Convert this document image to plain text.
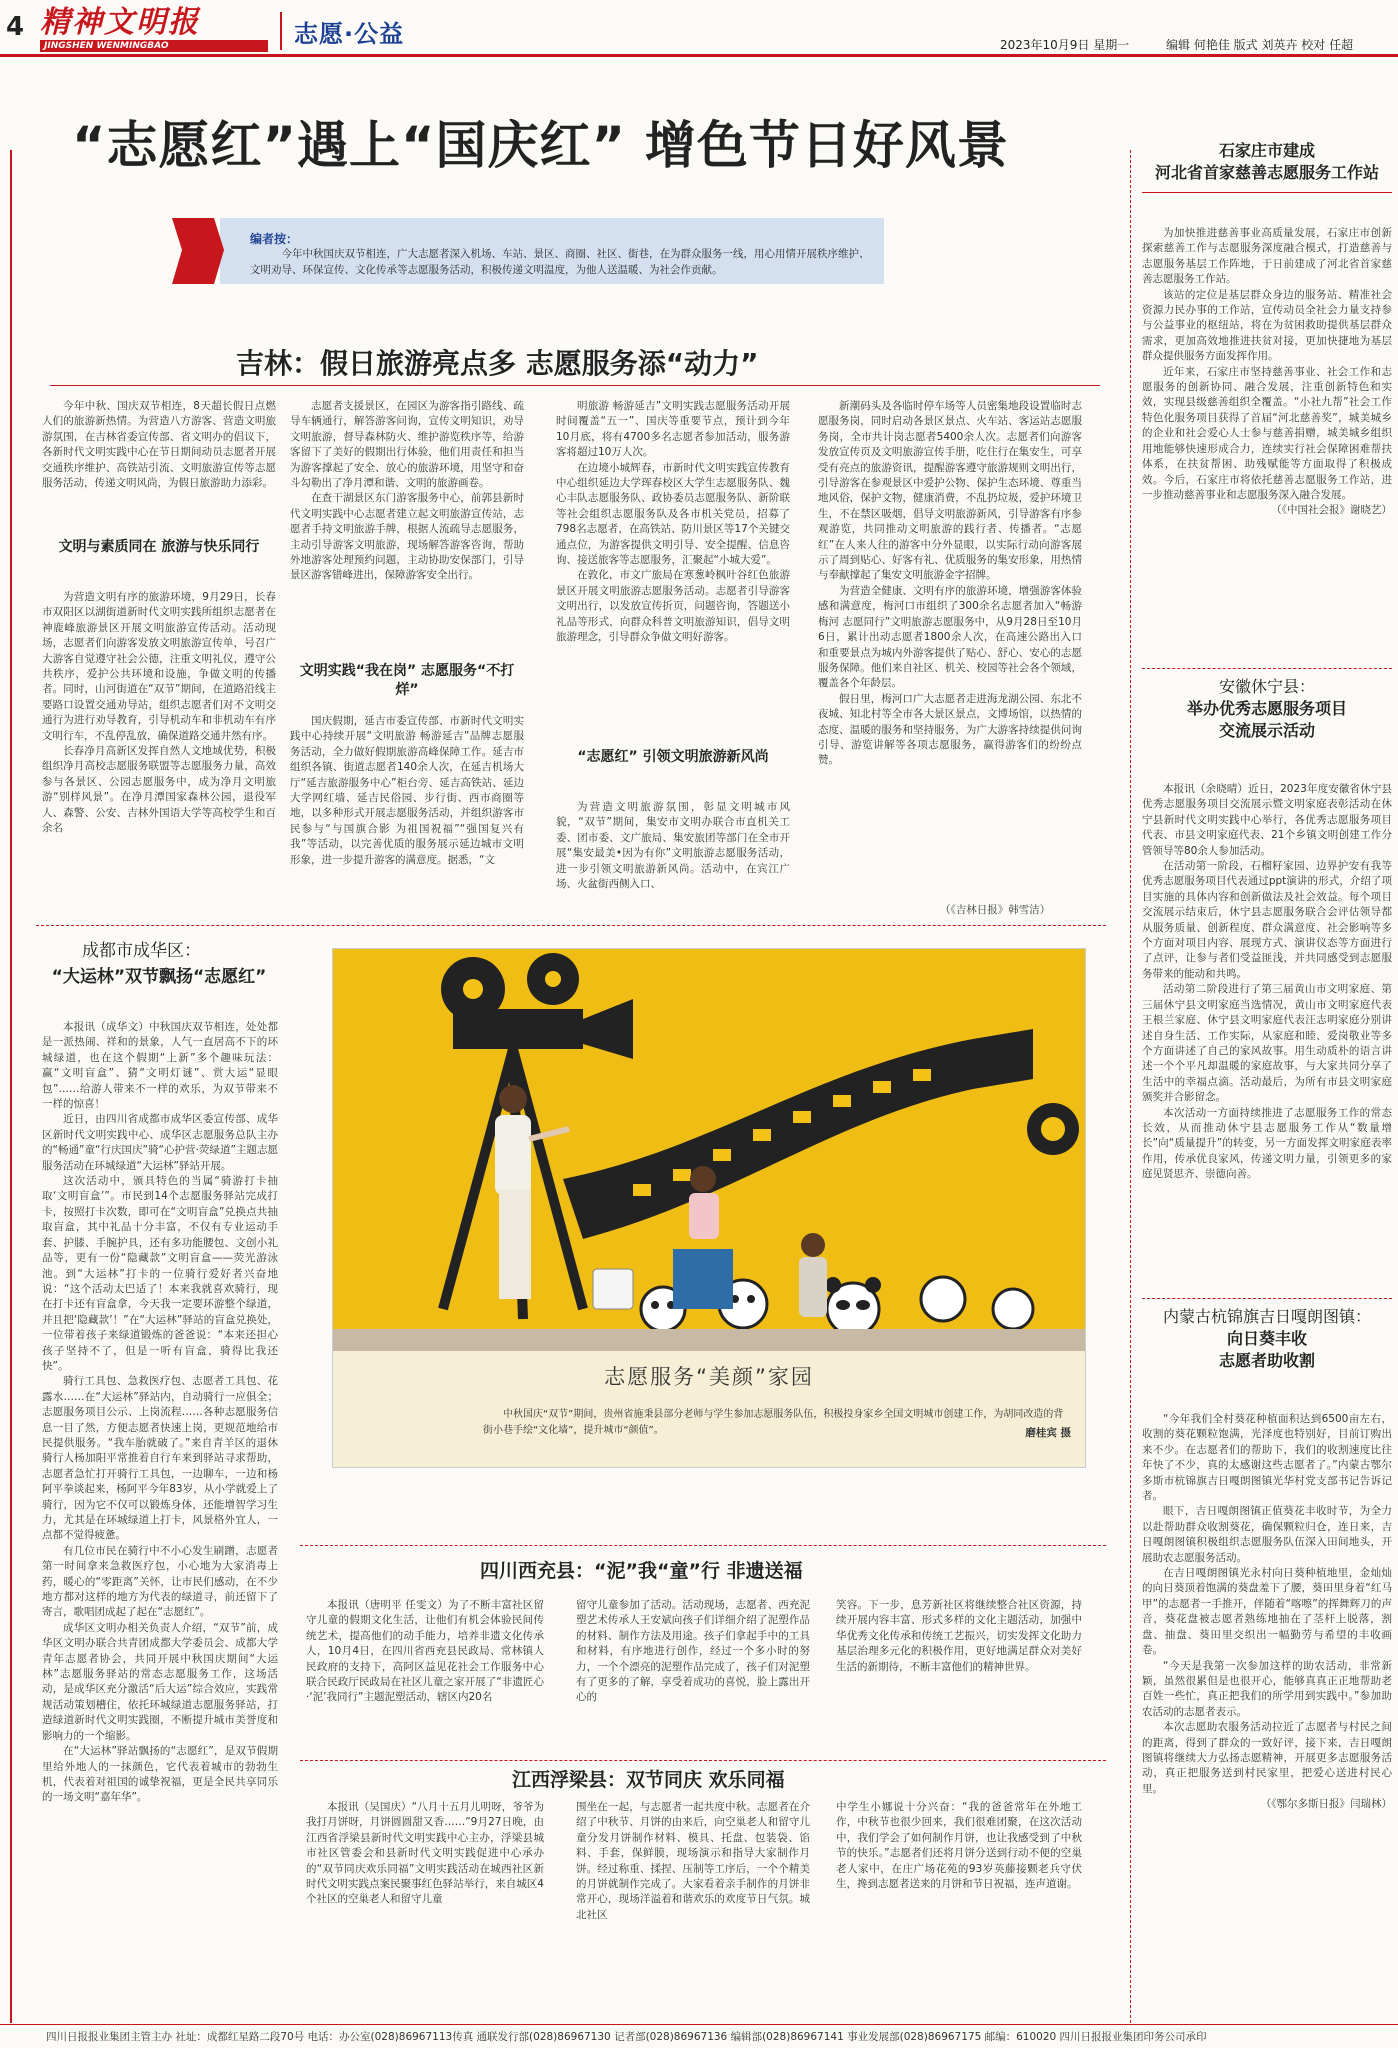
4 精神文明报
JINGSHEN WENMINGBAO	志愿·公益	2023年10月9日 星期一	编辑 何艳佳 版式 刘英卉 校对 任超
“志愿红”遇上“国庆红” 增色节日好风景
编者按：
今年中秋国庆双节相连，广大志愿者深入机场、车站、景区、商圈、社区、街巷，在为群众服务一线，用心用情开展秩序维护、文明劝导、环保宣传、文化传承等志愿服务活动，积极传递文明温度，为他人送温暖、为社会作贡献。
吉林：假日旅游亮点多 志愿服务添“动力”

今年中秋、国庆双节相连，8天超长假日点燃人们的旅游新热情。为营造八方游客、营造文明旅游氛围，在吉林省委宣传部、省文明办的倡议下，各新时代文明实践中心在节日期间动员志愿者开展交通秩序维护、高铁站引流、文明旅游宣传等志愿服务活动，传递文明风尚，为假日旅游助力添彩。

文明与素质同在 旅游与快乐同行

为营造文明有序的旅游环境，9月29日，长春市双阳区以湖街道新时代文明实践所组织志愿者在神鹿峰旅游景区开展文明旅游宣传活动。活动现场，志愿者们向游客发放文明旅游宣传单，号召广大游客自觉遵守社会公德，注重文明礼仪，遵守公共秩序，爱护公共环境和设施，争做文明的传播者。同时，山河街道在“双节”期间，在道路沿线主要路口设置交通劝导站，组织志愿者们对不文明交通行为进行劝导教育，引导机动车和非机动车有序文明行车，不乱停乱放，确保道路交通井然有序。

长春净月高新区发挥自然人文地域优势，积极组织净月高校志愿服务联盟等志愿服务力量，高效参与各景区、公园志愿服务中，成为净月文明旅游“别样风景”。在净月潭国家森林公园，退役军人、森警、公安、吉林外国语大学等高校学生和百余名

志愿者支援景区，在园区为游客指引路线、疏导车辆通行，解答游客问询，宣传文明知识，劝导文明旅游，督导森林防火、维护游览秩序等，给游客留下了美好的假期出行体验，他们用责任和担当为游客撑起了安全、放心的旅游环境，用坚守和奋斗勾勒出了净月潭和谐、文明的旅游画卷。

在查干湖景区东门游客服务中心，前郭县新时代文明实践中心志愿者建立起文明旅游宣传站，志愿者手持文明旅游手牌，根据人流疏导志愿服务，主动引导游客文明旅游，现场解答游客咨询，帮助外地游客处理预约问题，主动协助安保部门，引导景区游客错峰进出，保障游客安全出行。

文明实践“我在岗” 志愿服务“不打烊”

国庆假期，延吉市委宣传部、市新时代文明实践中心持续开展“文明旅游 畅游延吉”品牌志愿服务活动，全力做好假期旅游高峰保障工作。延吉市组织各镇、街道志愿者140余人次，在延吉机场大厅“延吉旅游服务中心”柜台旁、延吉高铁站、延边大学网红墙、延吉民俗园、步行街、西市商圈等地，以多种形式开展志愿服务活动，并组织游客市民参与“与国旗合影 为祖国祝福”“强国复兴有我”等活动，以完善优质的服务展示延边城市文明形象，进一步提升游客的满意度。据悉，“文

明旅游 畅游延吉”文明实践志愿服务活动开展时间覆盖“五一”、国庆等重要节点，预计到今年10月底，将有4700多名志愿者参加活动，服务游客将超过10万人次。

在边境小城辉春，市新时代文明实践宣传教育中心组织延边大学珲春校区大学生志愿服务队、魏心丰队志愿服务队、政协委员志愿服务队、新阶联等社会组织志愿服务队及各市机关党员，招募了798名志愿者，在高铁站、防川景区等17个关键交通点位，为游客提供文明引导、安全提醒、信息咨询、接送旅客等志愿服务，汇聚起“小城大爱”。

在敦化，市文广旅局在寒葱岭枫叶谷红色旅游景区开展文明旅游志愿服务活动。志愿者引导游客文明出行，以发放宣传折页，问题咨询，答题送小礼品等形式，向群众科普文明旅游知识，倡导文明旅游理念，引导群众争做文明好游客。

“志愿红” 引领文明旅游新风尚

为营造文明旅游氛围，彰显文明城市风貌，“双节”期间，集安市文明办联合市直机关工委、团市委、文广旅局、集安旅团等部门在全市开展“集安最美•因为有你”文明旅游志愿服务活动，进一步引领文明旅游新风尚。活动中，在宾江广场、火盆街西侧入口、

新潮码头及各临时停车场等人员密集地段设置临时志愿服务岗，同时启动各景区景点、火车站、客运站志愿服务岗，全市共计岗志愿者5400余人次。志愿者们向游客发放宣传页及文明旅游宣传手册，吃住行在集安生，可享受有亮点的旅游资讯，提醒游客遵守旅游规则文明出行，引导游客在参观景区中爱护公物、保护生态环境、尊重当地风俗，保护文物，健康消费，不乱扔垃圾，爱护环境卫生，不在禁区吸烟，倡导文明旅游新风，引导游客有序参观游览，共同推动文明旅游的践行者、传播者。“志愿红”在人来人往的游客中分外显眼，以实际行动向游客展示了周到贴心、好客有礼、优质服务的集安形象，用热情与奉献撑起了集安文明旅游金字招牌。

为营造全健康、文明有序的旅游环境，增强游客体验感和满意度，梅河口市组织了300余名志愿者加入“畅游梅河 志愿同行”文明旅游志愿服务中，从9月28日至10月6日，累计出动志愿者1800余人次，在高速公路出入口和重要景点为城内外游客提供了贴心、舒心、安心的志愿服务保障。他们来自社区、机关、校园等社会各个领域，覆盖各个年龄层。

假日里，梅河口广大志愿者走进海龙湖公园、东北不夜城、知北村等全市各大景区景点，文博场馆，以热情的态度、温暖的服务和坚持服务，为广大游客持续提供问询引导、游览讲解等各项志愿服务，赢得游客们的纷纷点赞。

（《吉林日报》韩雪洁）
成都市成华区：
“大运林”双节飘扬“志愿红”

本报讯（成华文）中秋国庆双节相连，处处都是一派热闹、祥和的景象，人气一直居高不下的环城绿道，也在这个假期“上新”多个趣味玩法：赢“文明盲盒”、猜“文明灯谜”、赏大运“显眼包”……给游人带来不一样的欢乐，为双节带来不一样的惊喜！

近日，由四川省成都市成华区委宣传部、成华区新时代文明实践中心、成华区志愿服务总队主办的“畅通”童“行庆国庆”骑“心护营·荧绿道”主题志愿服务活动在环城绿道“大运林”驿站开展。

这次活动中，颁具特色的当属“骑游打卡抽取‘文明盲盒’”。市民到14个志愿服务驿站完成打卡，按照打卡次数，即可在“文明盲盒”兑换点共抽取盲盒，其中礼品十分丰富，不仅有专业运动手套、护膝、手腕护具，还有多功能腰包、文创小礼品等，更有一份“隐藏款”文明盲盒——荧光游泳池。到“大运林”打卡的一位骑行爱好者兴奋地说：“这个活动太巴适了！本来我就喜欢骑行，现在打卡还有盲盒拿，今天我一定要环游整个绿道，并且把‘隐藏款’！”在“大运林”驿站的盲盒兑换处，一位带着孩子来绿道锻炼的爸爸说：“本来还担心孩子坚持不了，但是一听有盲盒，骑得比我还快”。

骑行工具包、急救医疗包、志愿者工具包、花露水……在“大运林”驿站内，自动骑行一应俱全；志愿服务项目公示、上岗流程……各种志愿服务信息一目了然，方便志愿者快速上岗，更规范地给市民提供服务。“我车胎就破了。”来自青羊区的退休骑行人杨加阳平常推着自行车来到驿站寻求帮助，志愿者急忙打开骑行工具包，一边聊车，一边和杨阿平拳谈起来，杨阿平今年83岁，从小学就爱上了骑行，因为它不仅可以锻炼身体，还能增智学习生力，尤其是在环城绿道上打卡，风景格外宜人，一点都不觉得疲惫。

有几位市民在骑行中不小心发生刷蹭，志愿者第一时间拿来急救医疗包，小心地为大家消毒上药，暖心的“零距离”关怀，让市民们感动，在不少地方都对这样的地方为代表的绿道寻，前还留下了寄言，歌唱团成起了起在“志愿红”。

成华区文明办相关负责人介绍，“双节”前，成华区文明办联合共青团成都大学委员会、成都大学青年志愿者协会，共同开展中秋国庆期间“大运林”志愿服务驿站的常态志愿服务工作，这场活动，是成华区充分激活“后大运”综合效应，实践常规活动策划槽住，依托环城绿道志愿服务驿站，打造绿道新时代文明实践圈，不断提升城市美誉度和影响力的一个缩影。

在“大运林”驿站飘扬的“志愿红”，是双节假期里给外地人的一抹颜色，它代表着城市的勃勃生机，代表着对祖国的诚挚祝福，更是全民共享同乐的一场文明“嘉年华”。

志愿服务“美颜”家园
中秋国庆“双节”期间，贵州省施秉县部分老师与学生参加志愿服务队伍，积极投身家乡全国文明城市创建工作，为胡同改造的背街小巷手绘“文化墙”，提升城市“颜值”。	磨桂宾 摄
四川西充县：“泥”我“童”行 非遗送福

本报讯（唐明平 任雯文）为了不断丰富社区留守儿童的假期文化生活，让他们有机会体验民间传统艺术，提高他们的动手能力，培养非遗文化传承人，10月4日，在四川省西充县民政局、常林镇人民政府的支持下，高阿区益见花社会工作服务中心联合民政厅民政局在社区儿童之家开展了“非遗匠心·‘泥’我同行”主题泥塑活动，辖区内20名

留守儿童参加了活动。活动现场，志愿者、西充泥塑艺术传承人王安斌向孩子们详细介绍了泥塑作品的材料、制作方法及用途。孩子们拿起手中的工具和材料，有序地进行创作，经过一个多小时的努力，一个个漂亮的泥塑作品完成了，孩子们对泥塑有了更多的了解，享受着成功的喜悦，脸上露出开心的

笑容。下一步，息芳新社区将继续整合社区资源，持续开展内容丰富、形式多样的文化主题活动，加强中华优秀文化传承和传统工艺振兴，切实发挥文化助力基层治理多元化的积极作用，更好地满足群众对美好生活的新期待，不断丰富他们的精神世界。

江西浮梁县：双节同庆 欢乐同福

本报讯（吴国庆）“八月十五月儿明呀，爷爷为我打月饼呀，月饼圆圆甜又香……”9月27日晚，由江西省浮梁县新时代文明实践中心主办，浮梁县城市社区管委会和县新时代文明实践促进中心承办的“双节同庆欢乐同福”文明实践活动在城西社区新时代文明实践点案民聚事红色驿站举行，来自城区4个社区的空巢老人和留守儿童

围坐在一起，与志愿者一起共度中秋。志愿者在介绍了中秋节、月饼的由来后，向空巢老人和留守儿童分发月饼制作材料、模具、托盘、包装袋、馅料、手套，保鲜膜，现场演示和指导大家制作月饼。经过称重、揉捏、压制等工序后，一个个精美的月饼就制作完成了。大家看着亲手制作的月饼非常开心，现场洋溢着和谐欢乐的欢度节日气氛。城北社区

中学生小娜说十分兴奋：“我的爸爸常年在外地工作，中秋节也很少回来，我们很难团聚，在这次活动中，我们学会了如何制作月饼，也让我感受到了中秋节的快乐。”志愿者们还将月饼分送到行动不便的空巢老人家中，在庄广场花苑的93岁英藤接颗老兵守伏生，搀到志愿者送来的月饼和节日祝福，连声道谢。

石家庄市建成
河北省首家慈善志愿服务工作站

为加快推进慈善事业高质量发展，石家庄市创新探索慈善工作与志愿服务深度融合模式，打造慈善与志愿服务基层工作阵地，于日前建成了河北省首家慈善志愿服务工作站。

该站的定位是基层群众身边的服务站、精准社会资源力民办事的工作站，宣传动员全社会力量支持参与公益事业的枢纽站，将在为贫困救助提供基层群众需求，更加高效地推进扶贫对接，更加快捷地为基层群众提供服务方面发挥作用。

近年来，石家庄市坚持慈善事业、社会工作和志愿服务的创新协同、融合发展，注重创新特色和实效，实现县级慈善组织全覆盖。“小社九帮”社会工作特色化服务项目获得了首届“河北慈善奖”，城美城乡的企业和社会爱心人士参与慈善捐赠，城美城乡组织用地能够快速形成合力，连续实行社会保障困难帮扶体系，在扶贫帮困、助残赋能等方面取得了积极成效。今后，石家庄市将依托慈善志愿服务工作站，进一步推动慈善事业和志愿服务深入融合发展。

（《中国社会报》谢晓艺）

安徽休宁县：
举办优秀志愿服务项目
交流展示活动

本报讯（余晓晴）近日，2023年度安徽省休宁县优秀志愿服务项目交流展示暨文明家庭表彰活动在休宁县新时代文明实践中心举行，各优秀志愿服务项目代表、市县文明家庭代表、21个乡镇文明创建工作分管领导等80余人参加活动。

在活动第一阶段，石榴籽家园、边界护安有我等优秀志愿服务项目代表通过ppt演讲的形式，介绍了项目实施的具体内容和创新做法及社会效益。每个项目交流展示结束后，休宁县志愿服务联合会评估领导都从服务质量、创新程度、群众满意度、社会影响等多个方面对项目内容、展现方式、演讲仪态等方面进行了点评，让参与者们受益匪浅，并共同感受到志愿服务带来的能动和共鸣。

活动第二阶段进行了第三届黄山市文明家庭、第三届休宁县文明家庭当选情况，黄山市文明家庭代表王根兰家庭、休宁县文明家庭代表汪志明家庭分别讲述自身生活、工作实际，从家庭和睦、爱岗敬业等多个方面讲述了自己的家风故事。用生动质朴的语言讲述一个个平凡却温暖的家庭故事，与大家共同分享了生活中的幸福点滴。活动最后，为所有市县文明家庭颁奖并合影留念。

本次活动一方面持续推进了志愿服务工作的常态长效，从而推动休宁县志愿服务工作从“数量增长”向“质量提升”的转变，另一方面发挥文明家庭表率作用，传承优良家风，传递文明力量，引领更多的家庭见贤思齐、崇德向善。

内蒙古杭锦旗吉日嘎朗图镇：
向日葵丰收
志愿者助收割

“今年我们全村葵花种植面积达到6500亩左右，收割的葵花颗粒饱满，光泽度也特别好，目前订购出来不少。在志愿者们的帮助下，我们的收割速度比往年快了不少，真的太感谢这些志愿者了。”内蒙古鄂尔多斯市杭锦旗吉日嘎朗图镇光华村党支部书记告诉记者。

眼下，吉日嘎朗图镇正值葵花丰收时节，为全力以赴帮助群众收割葵花，确保颗粒归仓，连日来，吉日嘎朗图镇积极组织志愿服务队伍深入田间地头，开展助农志愿服务活动。

在吉日嘎朗图镇光永村向日葵种植地里，金灿灿的向日葵顶着饱满的葵盘羞下了腰，葵田里身着“红马甲”的志愿者一手推开，伴随着“喀嚓”的挥舞辉刀的声音，葵花盘被志愿者熟练地抽在了茎杆上脱落，割盘、抽盘、葵田里交织出一幅勤劳与希望的丰收画卷。

“今天是我第一次参加这样的助农活动，非常新颖，虽然很累但是也很开心，能够真真正正地帮助老百姓一些忙，真正把我们的所学用到实践中。”参加助农活动的志愿者表示。

本次志愿助农服务活动拉近了志愿者与村民之间的距离，得到了群众的一致好评，接下来，吉日嘎朗图镇将继续大力弘扬志愿精神，开展更多志愿服务活动，真正把服务送到村民家里，把爱心送进村民心里。

（《鄂尔多斯日报》闫瑞林）

四川日报报业集团主管主办 社址：成都红星路二段70号 电话：办公室(028)86967113传真 通联发行部(028)86967130 记者部(028)86967136 编辑部(028)86967141 事业发展部(028)86967175 邮编：610020 四川日报报业集团印务公司承印
